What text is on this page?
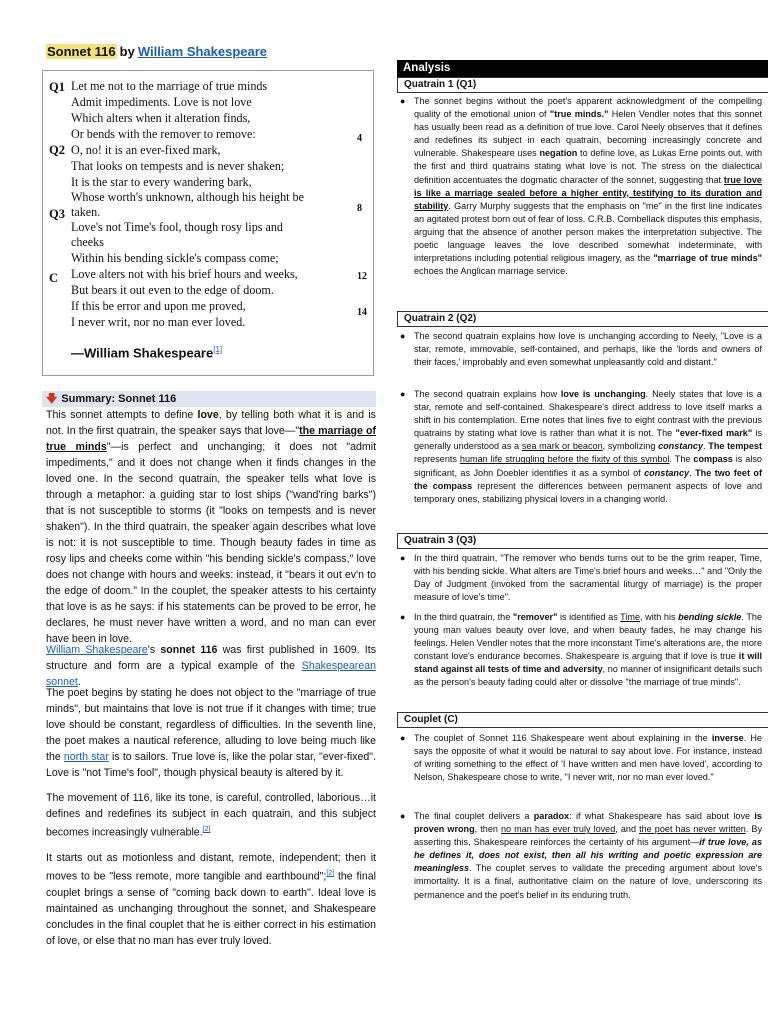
Sonnet 116 by William Shakespeare
Q1
Q2
Q3
C
Let me not to the marriage of true minds
Admit impediments. Love is not love
Which alters when it alteration finds,
Or bends with the remover to remove:
O, no! it is an ever-fixed mark,
That looks on tempests and is never shaken;
It is the star to every wandering bark,
Whose worth's unknown, although his height be
taken.
Love's not Time's fool, though rosy lips and
cheeks
Within his bending sickle's compass come;
Love alters not with his brief hours and weeks,
But bears it out even to the edge of doom.
If this be error and upon me proved,
I never writ, nor no man ever loved.
4
8
12
14
—William Shakespeare[1]
🡇 Summary: Sonnet 116
This sonnet attempts to define love, by telling both what it is and is not. In the first quatrain, the speaker says that love—"the marriage of true minds"—is perfect and unchanging; it does not "admit impediments," and it does not change when it finds changes in the loved one. In the second quatrain, the speaker tells what love is through a metaphor: a guiding star to lost ships ("wand'ring barks") that is not susceptible to storms (it "looks on tempests and is never shaken"). In the third quatrain, the speaker again describes what love is not: it is not susceptible to time. Though beauty fades in time as rosy lips and cheeks come within "his bending sickle's compass," love does not change with hours and weeks: instead, it "bears it out ev'n to the edge of doom." In the couplet, the speaker attests to his certainty that love is as he says: if his statements can be proved to be error, he declares, he must never have written a word, and no man can ever have been in love.
William Shakespeare's sonnet 116 was first published in 1609. Its structure and form are a typical example of the Shakespearean sonnet.
The poet begins by stating he does not object to the "marriage of true minds", but maintains that love is not true if it changes with time; true love should be constant, regardless of difficulties. In the seventh line, the poet makes a nautical reference, alluding to love being much like the north star is to sailors. True love is, like the polar star, "ever-fixed". Love is "not Time's fool", though physical beauty is altered by it.
The movement of 116, like its tone, is careful, controlled, laborious…it defines and redefines its subject in each quatrain, and this subject becomes increasingly vulnerable.[2]
It starts out as motionless and distant, remote, independent; then it moves to be "less remote, more tangible and earthbound";[2] the final couplet brings a sense of "coming back down to earth". Ideal love is maintained as unchanging throughout the sonnet, and Shakespeare concludes in the final couplet that he is either correct in his estimation of love, or else that no man has ever truly loved.
Analysis
Quatrain 1 (Q1)
● The sonnet begins without the poet's apparent acknowledgment of the compelling quality of the emotional union of "true minds." Helen Vendler notes that this sonnet has usually been read as a definition of true love. Carol Neely observes that it defines and redefines its subject in each quatrain, becoming increasingly concrete and vulnerable. Shakespeare uses negation to define love, as Lukas Erne points out, with the first and third quatrains stating what love is not. The stress on the dialectical definition accentuates the dogmatic character of the sonnet, suggesting that true love is like a marriage sealed before a higher entity, testifying to its duration and stability. Garry Murphy suggests that the emphasis on "me" in the first line indicates an agitated protest born out of fear of loss. C.R.B. Combellack disputes this emphasis, arguing that the absence of another person makes the interpretation subjective. The poetic language leaves the love described somewhat indeterminate, with interpretations including potential religious imagery, as the "marriage of true minds" echoes the Anglican marriage service.
Quatrain 2 (Q2)
● The second quatrain explains how love is unchanging according to Neely, "Love is a star, remote, immovable, self-contained, and perhaps, like the 'lords and owners of their faces,' improbably and even somewhat unpleasantly cold and distant."
● The second quatrain explains how love is unchanging. Neely states that love is a star, remote and self-contained. Shakespeare's direct address to love itself marks a shift in his contemplation. Erne notes that lines five to eight contrast with the previous quatrains by stating what love is rather than what it is not. The "ever-fixed mark" is generally understood as a sea mark or beacon, symbolizing constancy. The tempest represents human life struggling before the fixity of this symbol. The compass is also significant, as John Doebler identifies it as a symbol of constancy. The two feet of the compass represent the differences between permanent aspects of love and temporary ones, stabilizing physical lovers in a changing world.
Quatrain 3 (Q3)
● In the third quatrain, "The remover who bends turns out to be the grim reaper, Time, with his bending sickle. What alters are Time's brief hours and weeks…" and "Only the Day of Judgment (invoked from the sacramental liturgy of marriage) is the proper measure of love's time".
● In the third quatrain, the "remover" is identified as Time, with his bending sickle. The young man values beauty over love, and when beauty fades, he may change his feelings. Helen Vendler notes that the more inconstant Time's alterations are, the more constant love's endurance becomes. Shakespeare is arguing that if love is true it will stand against all tests of time and adversity, no manner of insignificant details such as the person's beauty fading could alter or dissolve "the marriage of true minds".
Couplet (C)
● The couplet of Sonnet 116 Shakespeare went about explaining in the inverse. He says the opposite of what it would be natural to say about love. For instance, instead of writing something to the effect of 'I have written and men have loved', according to Nelson, Shakespeare chose to write, "I never writ, nor no man ever loved."
● The final couplet delivers a paradox: if what Shakespeare has said about love is proven wrong, then no man has ever truly loved, and the poet has never written. By asserting this, Shakespeare reinforces the certainty of his argument—if true love, as he defines it, does not exist, then all his writing and poetic expression are meaningless. The couplet serves to validate the preceding argument about love's immortality. It is a final, authoritative claim on the nature of love, underscoring its permanence and the poet's belief in its enduring truth.
